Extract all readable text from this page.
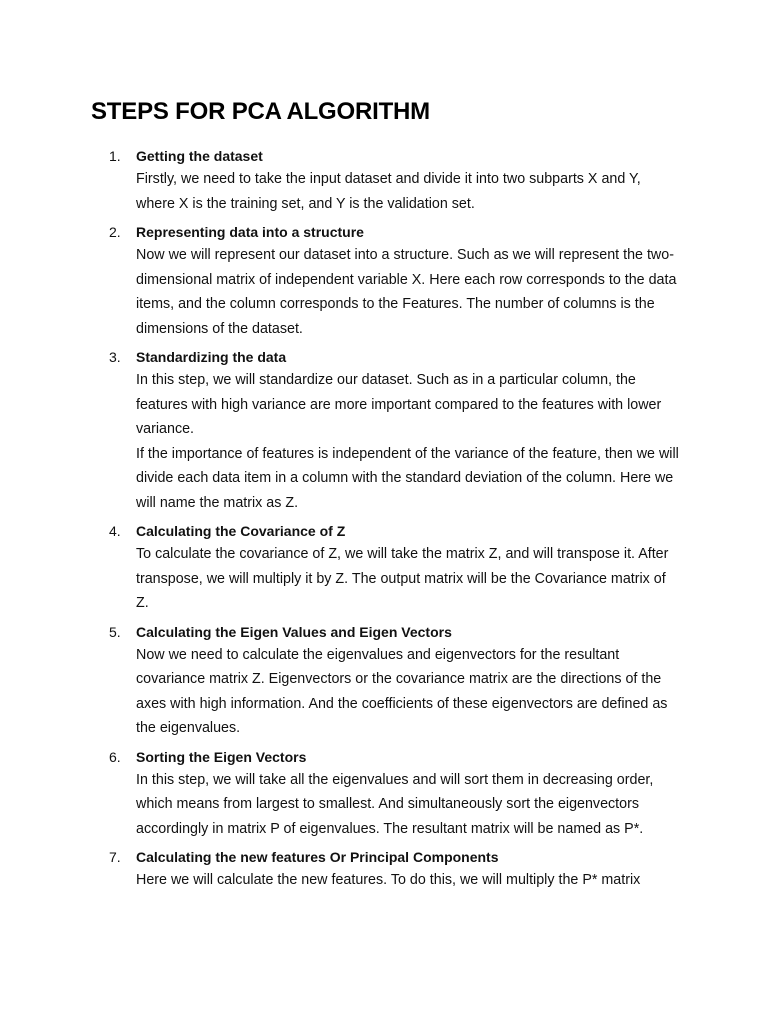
STEPS FOR PCA ALGORITHM
1.	Getting the dataset

Firstly, we need to take the input dataset and divide it into two subparts X and Y, where X is the training set, and Y is the validation set.

2.	Representing data into a structure

Now we will represent our dataset into a structure. Such as we will represent the two-dimensional matrix of independent variable X. Here each row corresponds to the data items, and the column corresponds to the Features. The number of columns is the dimensions of the dataset.

3.	Standardizing the data

In this step, we will standardize our dataset. Such as in a particular column, the features with high variance are more important compared to the features with lower variance.

If the importance of features is independent of the variance of the feature, then we will divide each data item in a column with the standard deviation of the column. Here we will name the matrix as Z.

4.	Calculating the Covariance of Z

To calculate the covariance of Z, we will take the matrix Z, and will transpose it. After transpose, we will multiply it by Z. The output matrix will be the Covariance matrix of Z.

5.	Calculating the Eigen Values and Eigen Vectors

Now we need to calculate the eigenvalues and eigenvectors for the resultant covariance matrix Z. Eigenvectors or the covariance matrix are the directions of the axes with high information. And the coefficients of these eigenvectors are defined as the eigenvalues.

6.	Sorting the Eigen Vectors

In this step, we will take all the eigenvalues and will sort them in decreasing order, which means from largest to smallest. And simultaneously sort the eigenvectors accordingly in matrix P of eigenvalues. The resultant matrix will be named as P*.

7.	Calculating the new features Or Principal Components

Here we will calculate the new features. To do this, we will multiply the P* matrix
